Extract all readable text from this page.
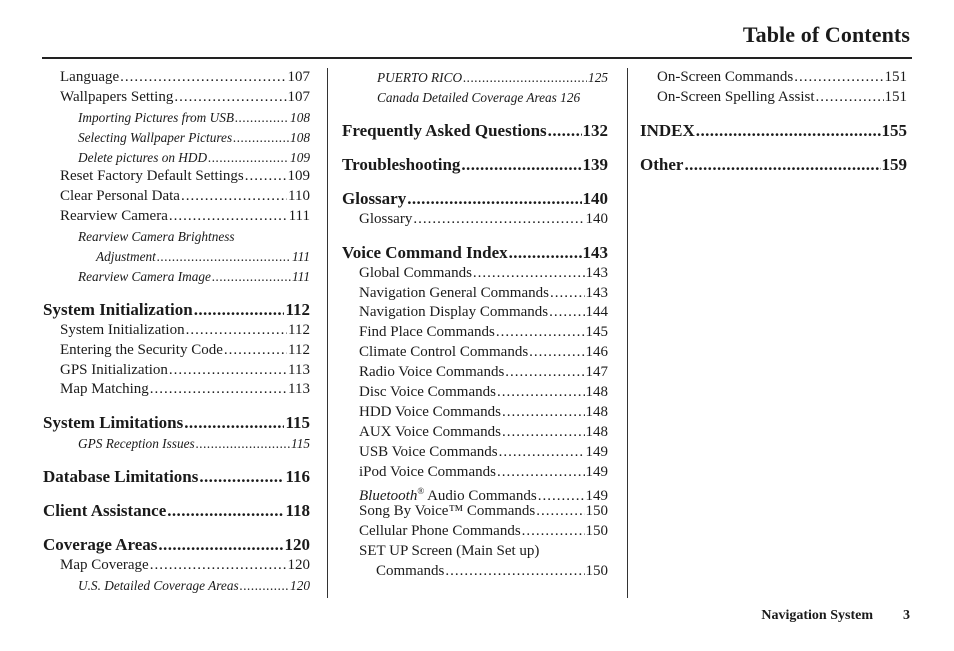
Table of Contents
Language .....	107
Wallpapers Setting .....	107
Importing Pictures from USB .....	108
Selecting Wallpaper Pictures .....	108
Delete pictures on HDD .....	109
Reset Factory Default Settings .....	109
Clear Personal Data .....	110
Rearview Camera .....	111
Rearview Camera Brightness
Adjustment .....	111
Rearview Camera Image .....	111
System Initialization .....	112
System Initialization .....	112
Entering the Security Code .....	112
GPS Initialization .....	113
Map Matching .....	113
System Limitations .....	115
GPS Reception Issues .....	115
Database Limitations .....	116
Client Assistance .....	118
Coverage Areas .....	120
Map Coverage .....	120
U.S. Detailed Coverage Areas .....	120
PUERTO RICO .....	125
Canada Detailed Coverage Areas 126
Frequently Asked Questions ..... 132
Troubleshooting .....	139
Glossary .....	140
Glossary .....	140
Voice Command Index .....	143
Global Commands .....	143
Navigation General Commands ..... 143
Navigation Display Commands ..... 144
Find Place Commands .....	145
Climate Control Commands .....	146
Radio Voice Commands .....	147
Disc Voice Commands .....	148
HDD Voice Commands .....	148
AUX Voice Commands .....	148
USB Voice Commands .....	149
iPod Voice Commands .....	149
Bluetooth® Audio Commands .....	149
Song By Voice™ Commands .....	150
Cellular Phone Commands .....	150
SET UP Screen (Main Set up)
Commands .....	150
On-Screen Commands .....	151
On-Screen Spelling Assist .....	151
INDEX .....	155
Other .....	159
Navigation System 3
